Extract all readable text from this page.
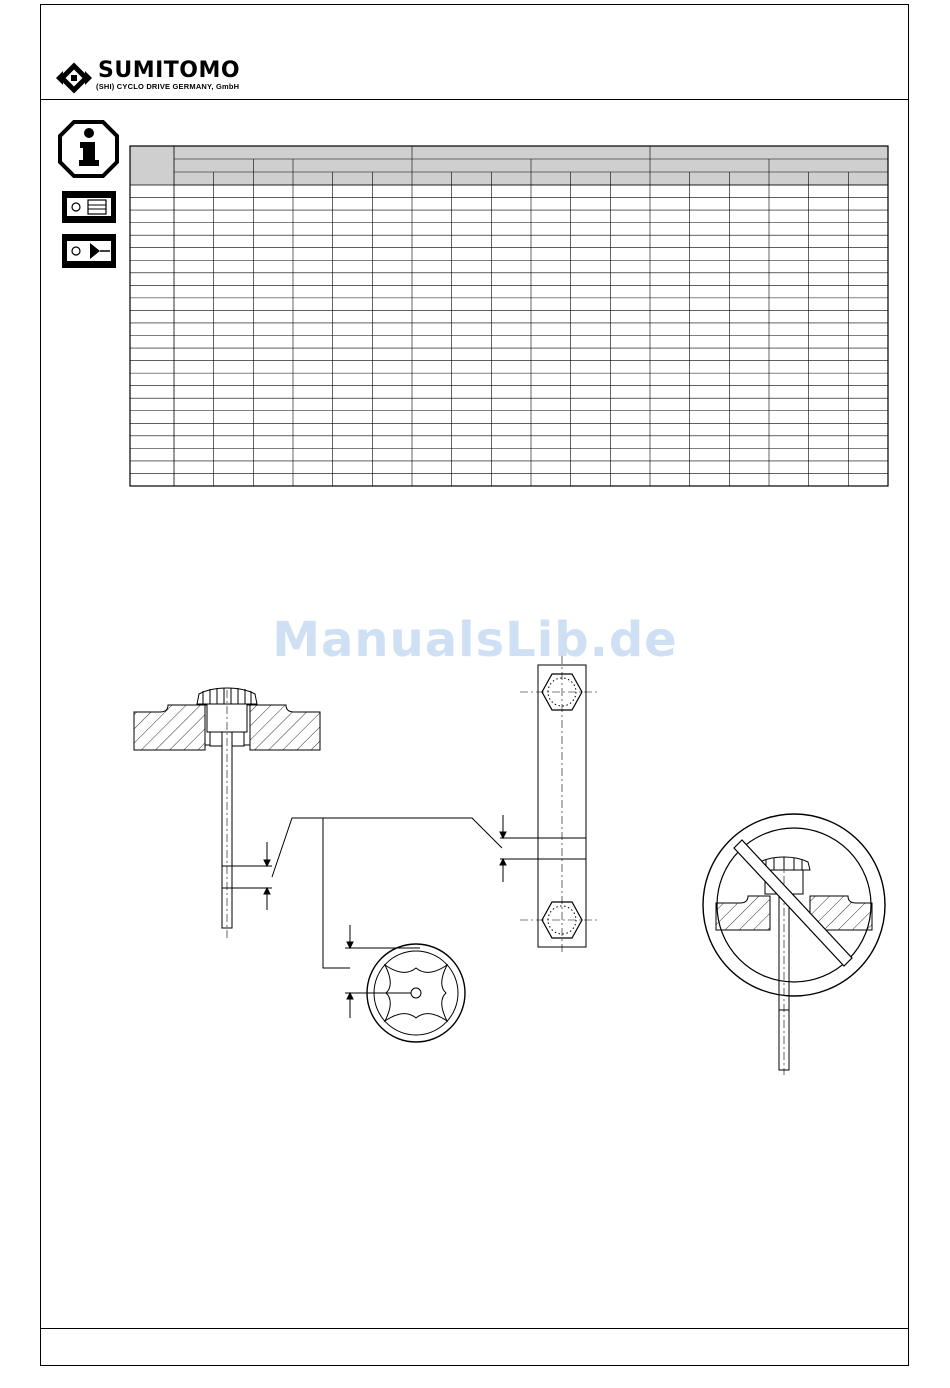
SUMITOMO
(SHI) CYCLO DRIVE GERMANY, GmbH
ManualsLib.de
